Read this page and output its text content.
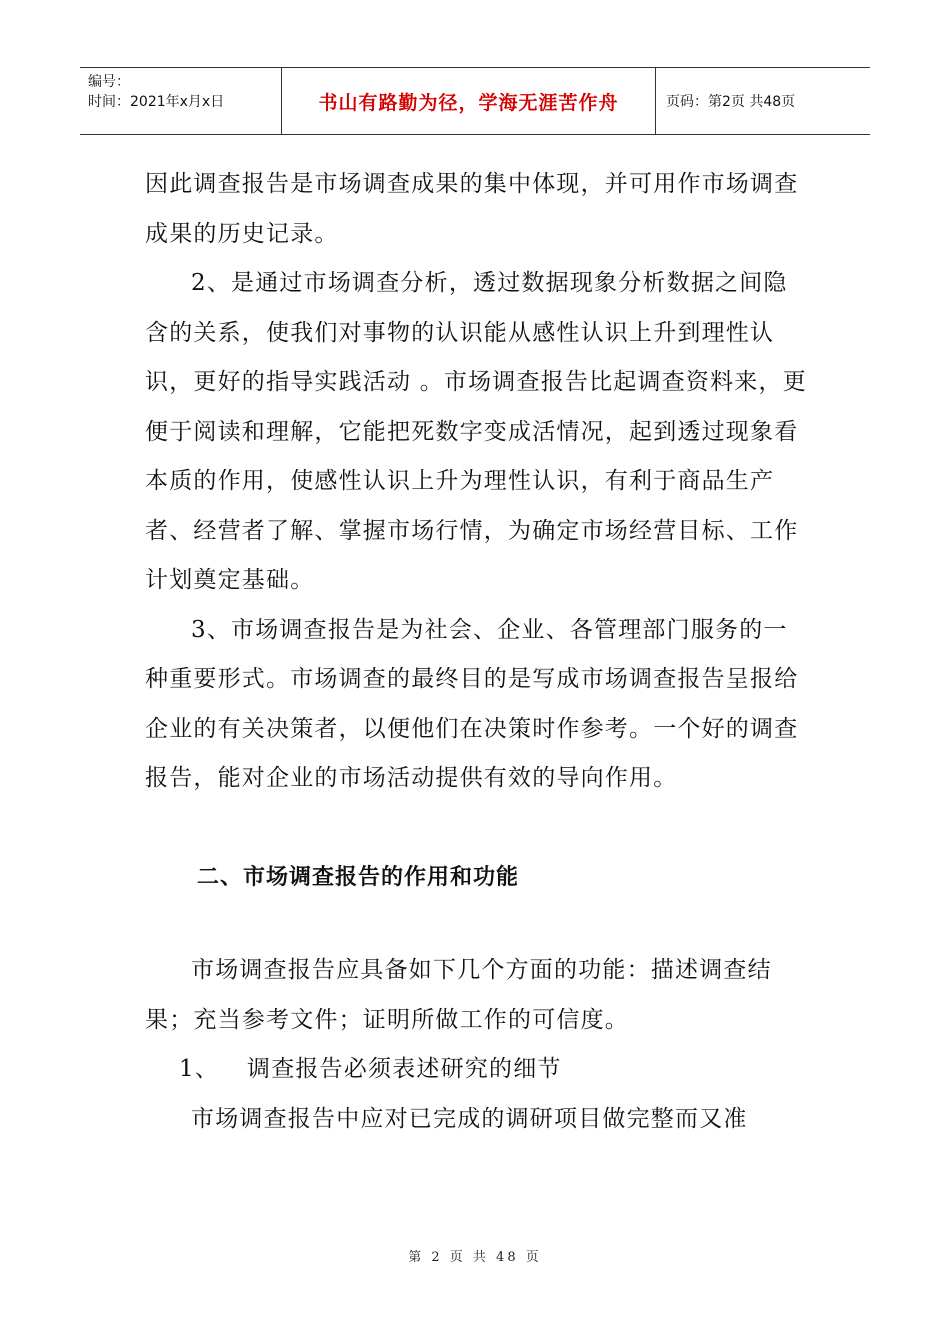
编号：
时间：2021年x月x日	书山有路勤为径，学海无涯苦作舟	页码：第2页 共48页

因此调查报告是市场调查成果的集中体现，并可用作市场调查成果的历史记录。

2、是通过市场调查分析，透过数据现象分析数据之间隐含的关系，使我们对事物的认识能从感性认识上升到理性认识，更好的指导实践活动 。市场调查报告比起调查资料来，更便于阅读和理解，它能把死数字变成活情况，起到透过现象看本质的作用，使感性认识上升为理性认识，有利于商品生产者、经营者了解、掌握市场行情，为确定市场经营目标、工作计划奠定基础。

3、市场调查报告是为社会、企业、各管理部门服务的一种重要形式。市场调查的最终目的是写成市场调查报告呈报给企业的有关决策者，以便他们在决策时作参考。一个好的调查报告，能对企业的市场活动提供有效的导向作用。

二、市场调查报告的作用和功能

市场调查报告应具备如下几个方面的功能：描述调查结果；充当参考文件；证明所做工作的可信度。

1、 调查报告必须表述研究的细节

市场调查报告中应对已完成的调研项目做完整而又准

第 2 页 共 48 页
